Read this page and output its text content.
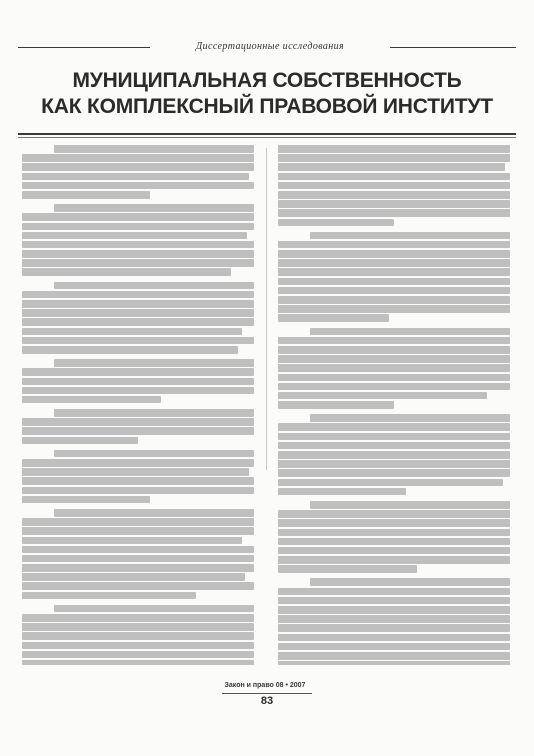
Диссертационные исследования
МУНИЦИПАЛЬНАЯ СОБСТВЕННОСТЬ
КАК КОМПЛЕКСНЫЙ ПРАВОВОЙ ИНСТИТУТ
Закон и право 08 • 2007
83
